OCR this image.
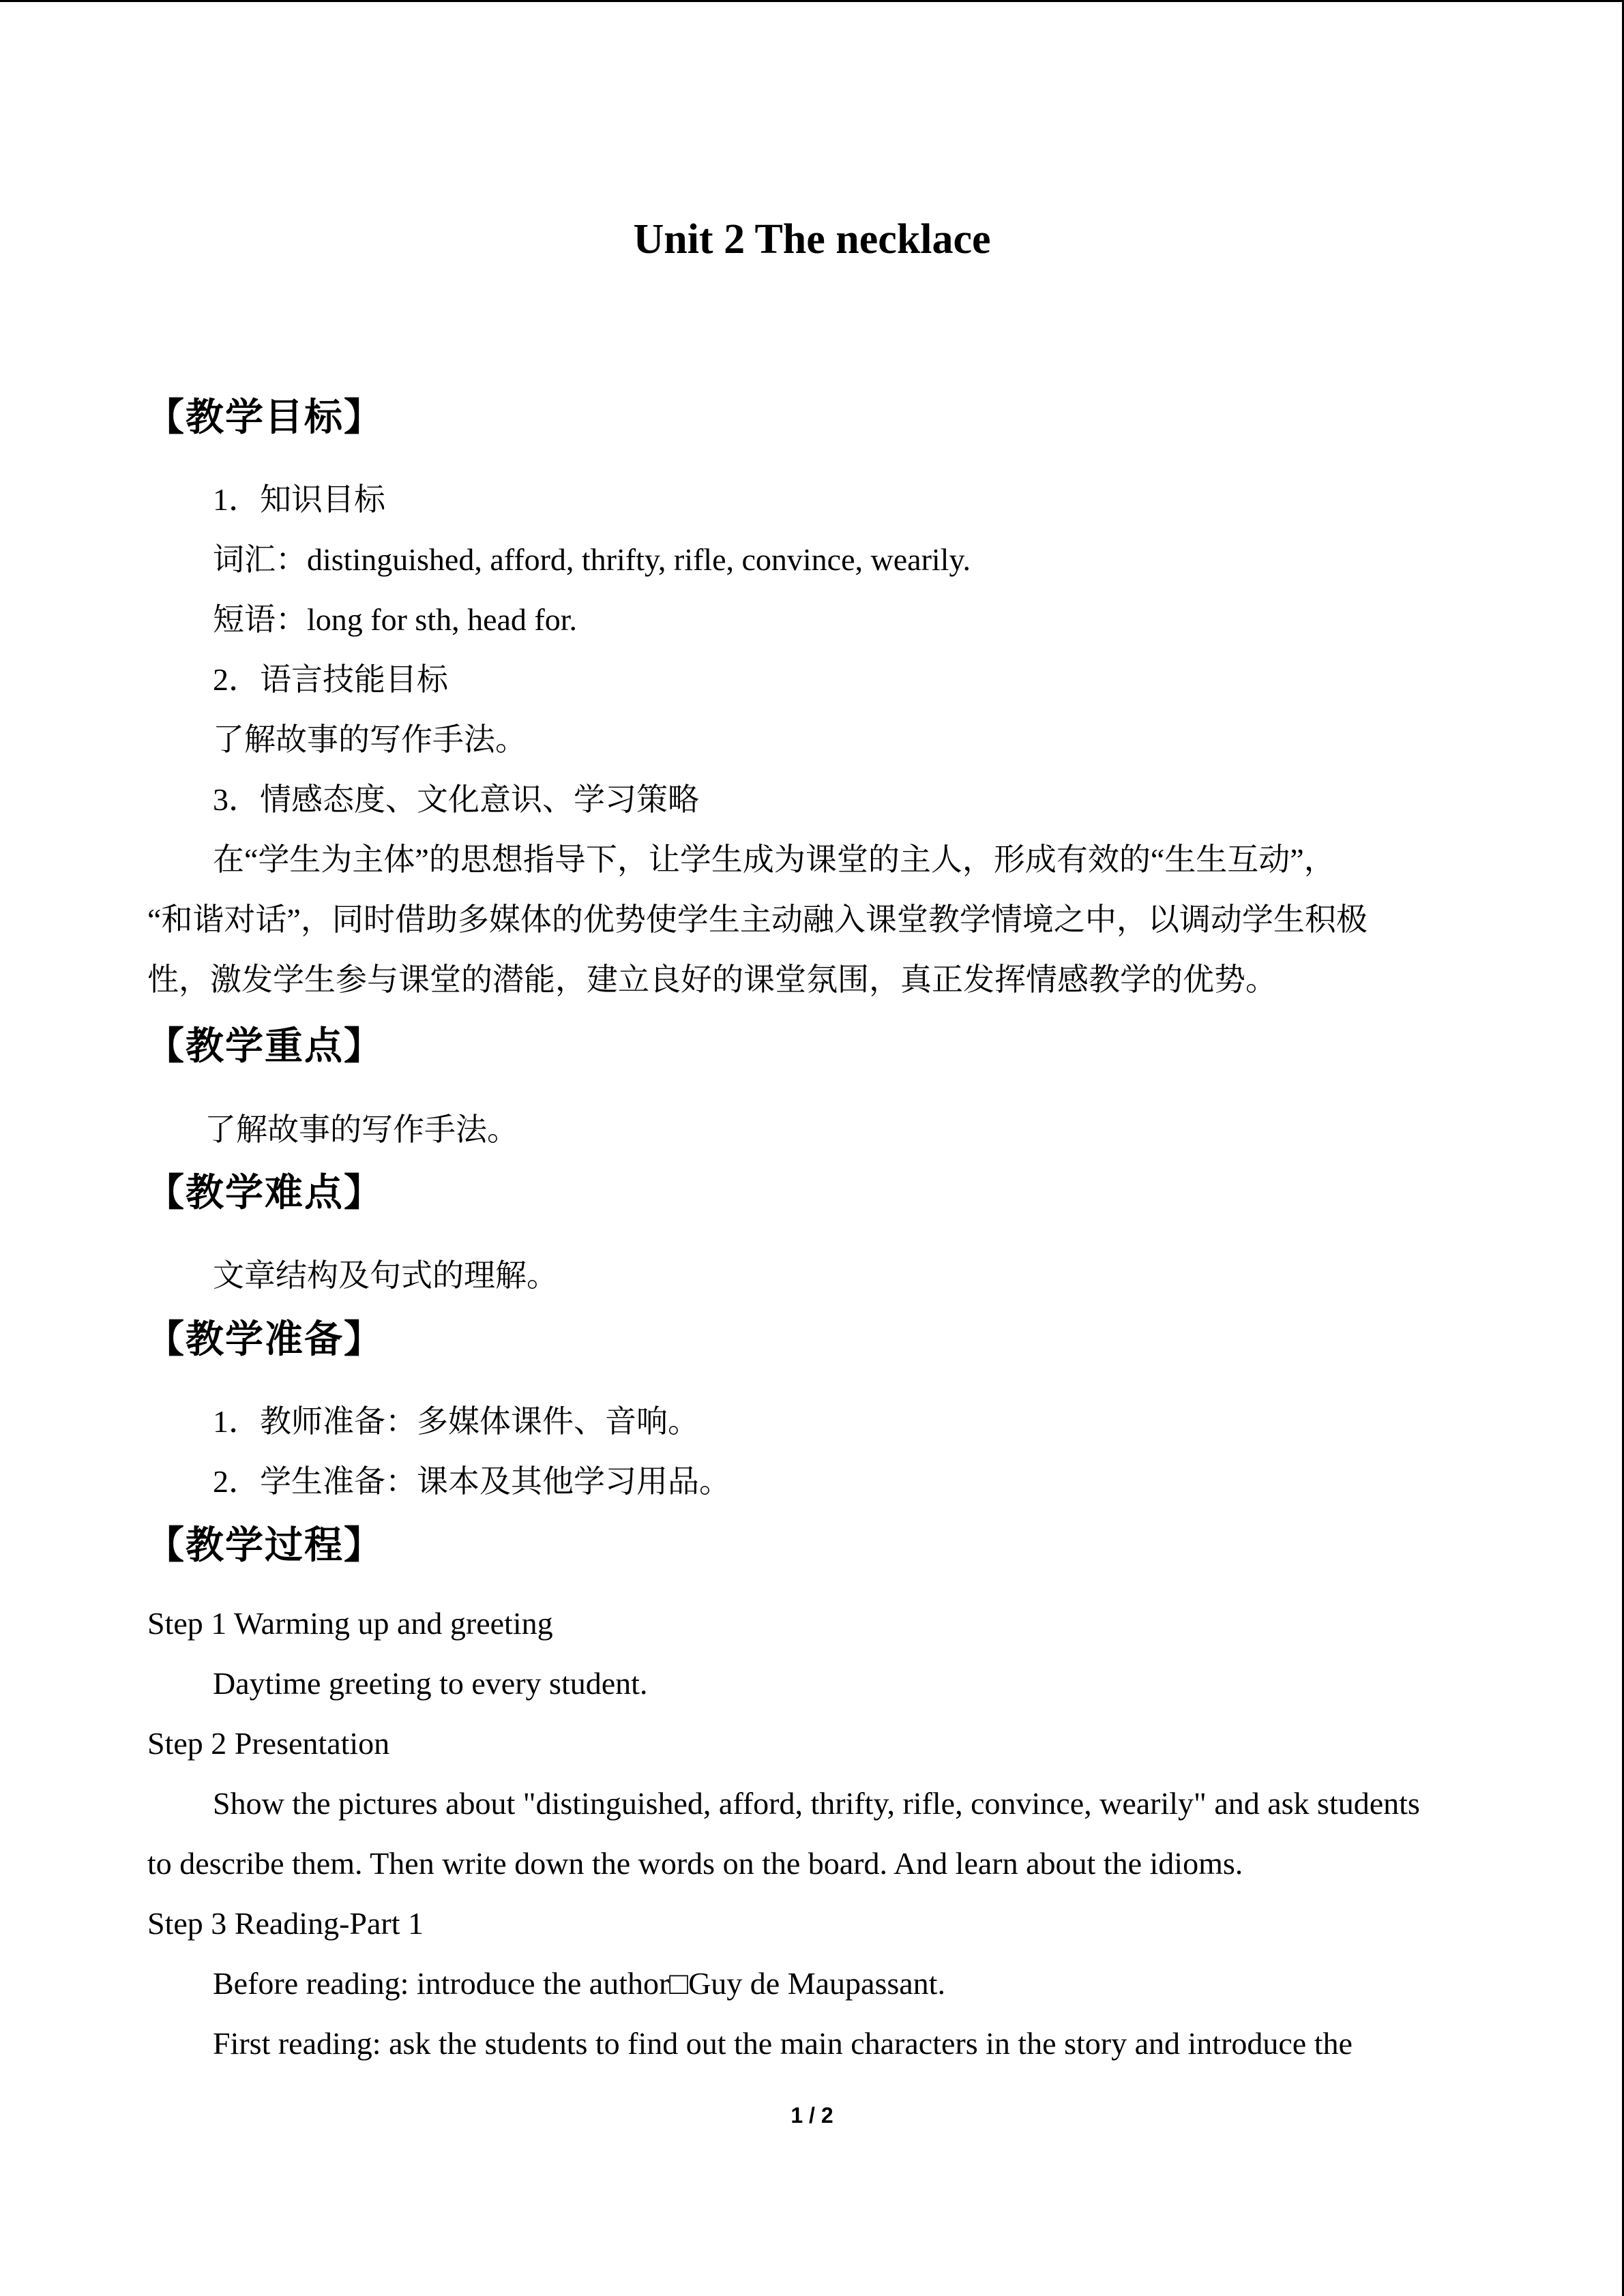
Unit 2 The necklace
【教学目标】
1．知识目标
词汇：distinguished, afford, thrifty, rifle, convince, wearily.
短语：long for sth, head for.
2．语言技能目标
了解故事的写作手法。
3．情感态度、文化意识、学习策略
在“学生为主体”的思想指导下，让学生成为课堂的主人，形成有效的“生生互动”，
“和谐对话”，同时借助多媒体的优势使学生主动融入课堂教学情境之中，以调动学生积极
性，激发学生参与课堂的潜能，建立良好的课堂氛围，真正发挥情感教学的优势。
【教学重点】
了解故事的写作手法。
【教学难点】
文章结构及句式的理解。
【教学准备】
1．教师准备：多媒体课件、音响。
2．学生准备：课本及其他学习用品。
【教学过程】
Step 1 Warming up and greeting
Daytime greeting to every student.
Step 2 Presentation
Show the pictures about "distinguished, afford, thrifty, rifle, convince, wearily" and ask students
to describe them. Then write down the words on the board. And learn about the idioms.
Step 3 Reading-Part 1
Before reading: introduce the author□Guy de Maupassant.
First reading: ask the students to find out the main characters in the story and introduce the
1 / 2
